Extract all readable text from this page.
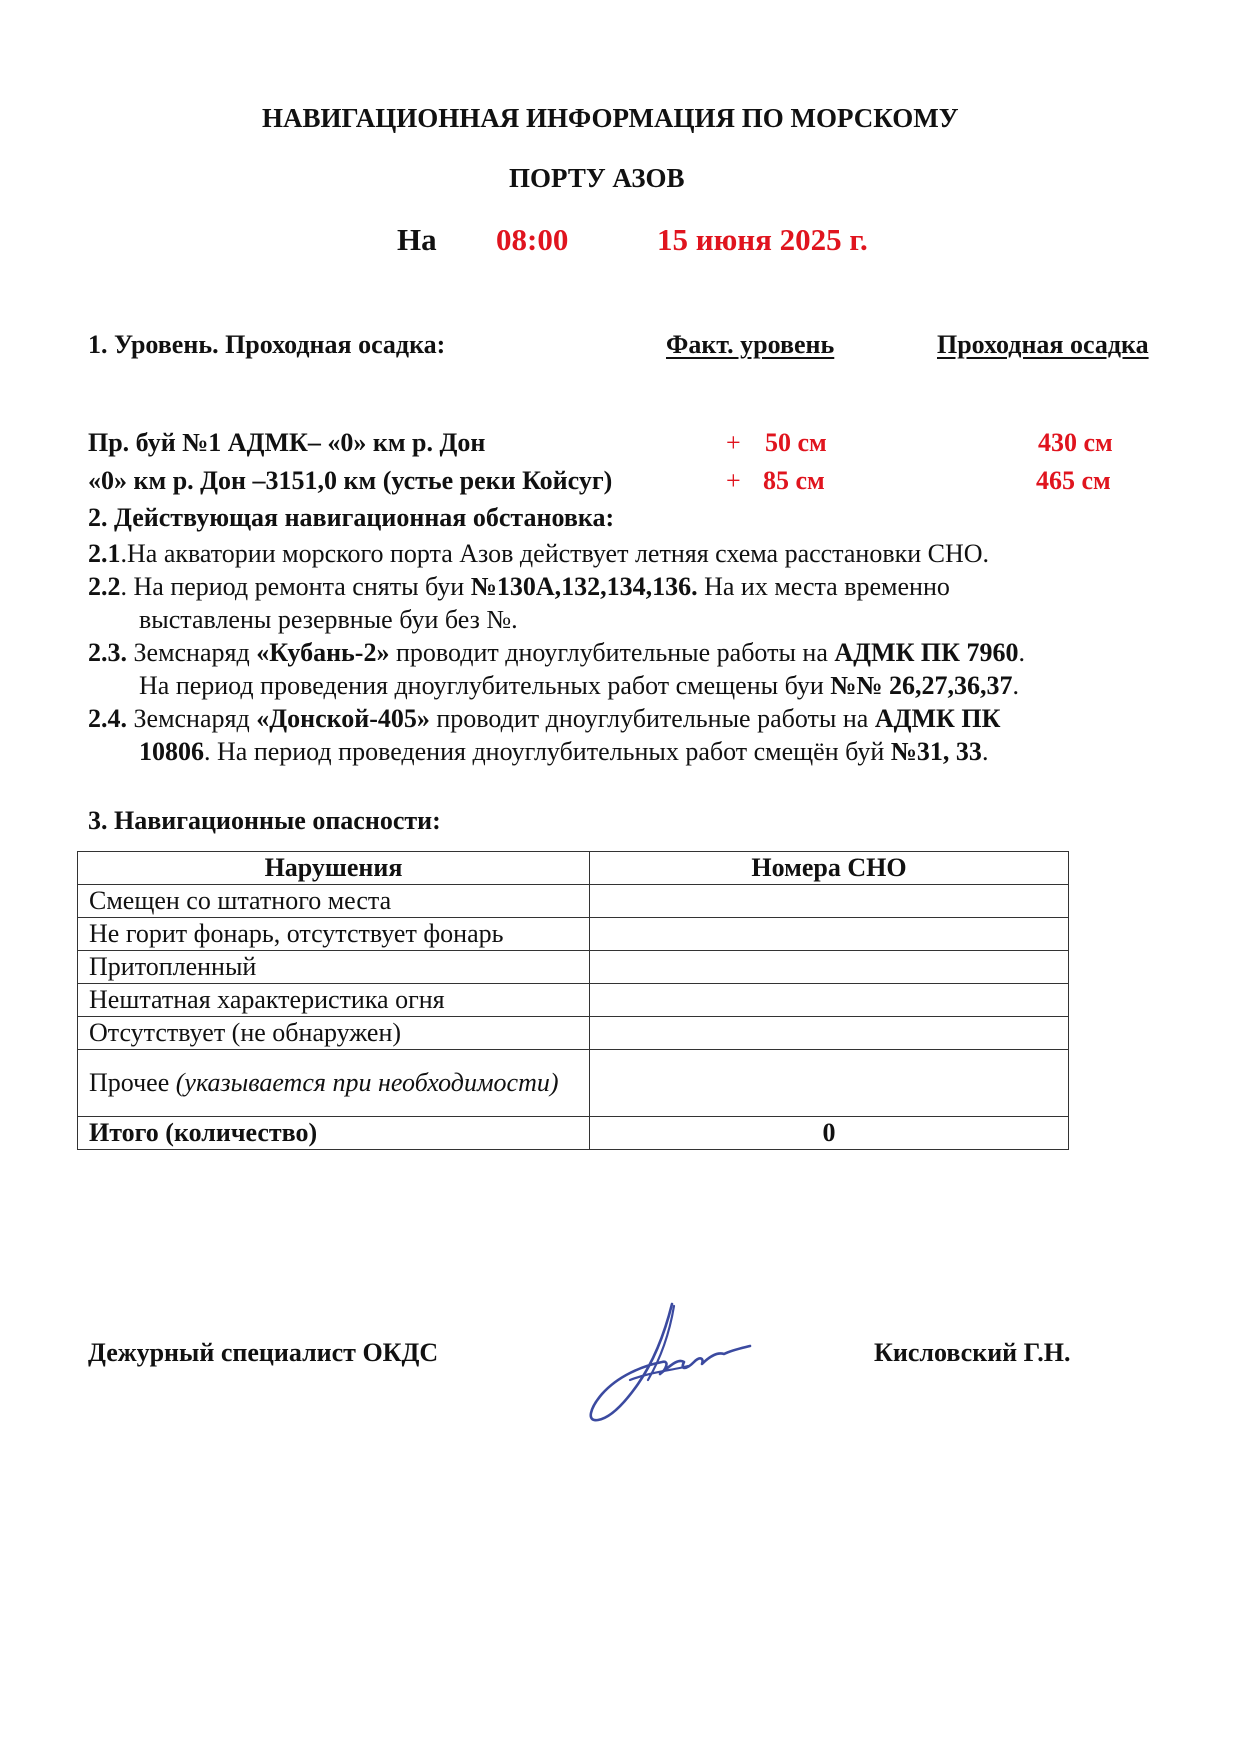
НАВИГАЦИОННАЯ ИНФОРМАЦИЯ ПО МОРСКОМУ
ПОРТУ АЗОВ
На 08:00	15 июня 2025 г.
1. Уровень. Проходная осадка:	Факт. уровень	Проходная осадка
Пр. буй №1 АДМК– «0» км р. Дон	+ 50 см	430 см
«0» км р. Дон –3151,0 км (устье реки Койсуг)	+ 85 см	465 см
2. Действующая навигационная обстановка:
2.1.На акватории морского порта Азов действует летняя схема расстановки СНО.
2.2. На период ремонта сняты буи №130А,132,134,136. На их места временно
выставлены резервные буи без №.
2.3. Земснаряд «Кубань-2» проводит дноуглубительные работы на АДМК ПК 7960.
На период проведения дноуглубительных работ смещены буи №№ 26,27,36,37.
2.4. Земснаряд «Донской-405» проводит дноуглубительные работы на АДМК ПК
10806. На период проведения дноуглубительных работ смещён буй №31, 33.
3. Навигационные опасности:
Нарушения	Номера СНО
Смещен со штатного места	
Не горит фонарь, отсутствует фонарь	
Притопленный	
Нештатная характеристика огня	
Отсутствует (не обнаружен)	
Прочее (указывается при необходимости)	
Итого (количество)	0
Дежурный специалист ОКДС	Кисловский Г.Н.
